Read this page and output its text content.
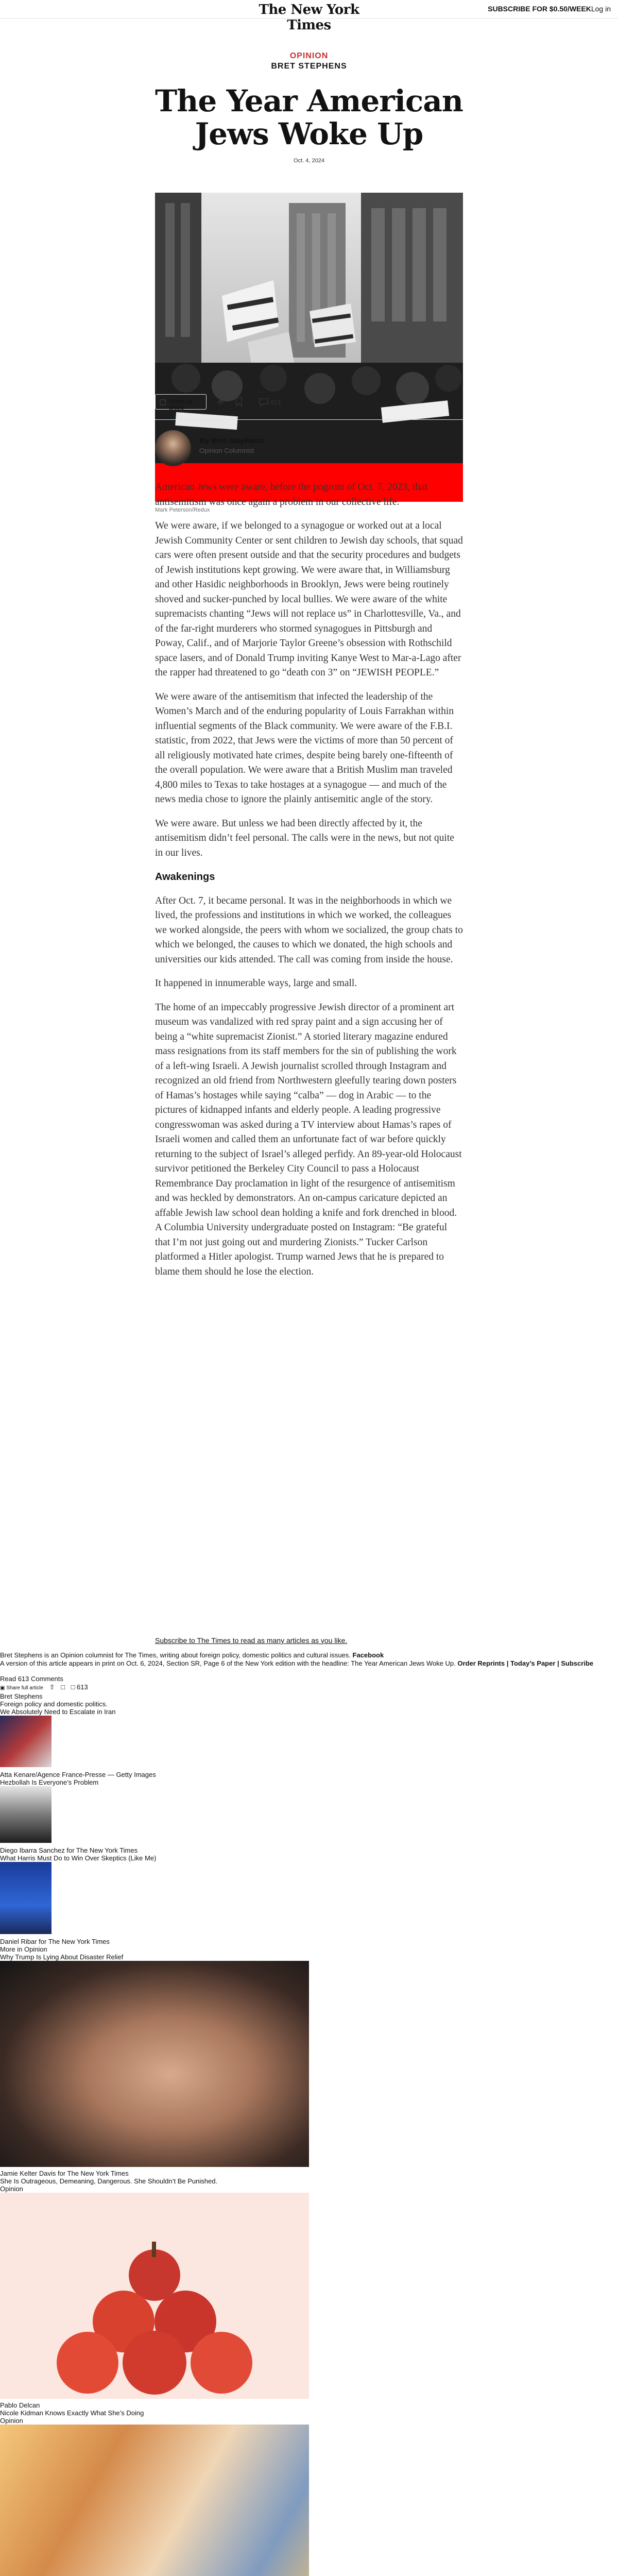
The New York Times
SUBSCRIBE FOR $0.50/WEEKLog in
OPINION
BRET STEPHENS
The Year American Jews Woke Up
Oct. 4, 2024
Mark Peterson/Redux
Share full article
613
By Bret Stephens
Opinion Columnist

American Jews were aware, before the pogrom of Oct. 7, 2023, that antisemitism was once again a problem in our collective life.

We were aware, if we belonged to a synagogue or worked out at a local Jewish Community Center or sent children to Jewish day schools, that squad cars were often present outside and that the security procedures and budgets of Jewish institutions kept growing. We were aware that, in Williamsburg and other Hasidic neighborhoods in Brooklyn, Jews were being routinely shoved and sucker-punched by local bullies. We were aware of the white supremacists chanting “Jews will not replace us” in Charlottesville, Va., and of the far-right murderers who stormed synagogues in Pittsburgh and Poway, Calif., and of Marjorie Taylor Greene’s obsession with Rothschild space lasers, and of Donald Trump inviting Kanye West to Mar-a-Lago after the rapper had threatened to go “death con 3” on “JEWISH PEOPLE.”

We were aware of the antisemitism that infected the leadership of the Women’s March and of the enduring popularity of Louis Farrakhan within influential segments of the Black community. We were aware of the F.B.I. statistic, from 2022, that Jews were the victims of more than 50 percent of all religiously motivated hate crimes, despite being barely one-fifteenth of the overall population. We were aware that a British Muslim man traveled 4,800 miles to Texas to take hostages at a synagogue — and much of the news media chose to ignore the plainly antisemitic angle of the story.

We were aware. But unless we had been directly affected by it, the antisemitism didn’t feel personal. The calls were in the news, but not quite in our lives.

Awakenings

After Oct. 7, it became personal. It was in the neighborhoods in which we lived, the professions and institutions in which we worked, the colleagues we worked alongside, the peers with whom we socialized, the group chats to which we belonged, the causes to which we donated, the high schools and universities our kids attended. The call was coming from inside the house.

It happened in innumerable ways, large and small.

The home of an impeccably progressive Jewish director of a prominent art museum was vandalized with red spray paint and a sign accusing her of being a “white supremacist Zionist.” A storied literary magazine endured mass resignations from its staff members for the sin of publishing the work of a left-wing Israeli. A Jewish journalist scrolled through Instagram and recognized an old friend from Northwestern gleefully tearing down posters of Hamas’s hostages while saying “calba” — dog in Arabic — to the pictures of kidnapped infants and elderly people. A leading progressive congresswoman was asked during a TV interview about Hamas’s rapes of Israeli women and called them an unfortunate fact of war before quickly returning to the subject of Israel’s alleged perfidy. An 89-year-old Holocaust survivor petitioned the Berkeley City Council to pass a Holocaust Remembrance Day proclamation in light of the resurgence of antisemitism and was heckled by demonstrators. An on-campus caricature depicted an affable Jewish law school dean holding a knife and fork drenched in blood. A Columbia University undergraduate posted on Instagram: “Be grateful that I’m not just going out and murdering Zionists.” Tucker Carlson platformed a Hitler apologist. Trump warned Jews that he is prepared to blame them should he lose the election.

Subscribe to The Times to read as many articles as you like.
Bret Stephens is an Opinion columnist for The Times, writing about foreign policy, domestic politics and cultural issues. Facebook
A version of this article appears in print on Oct. 6, 2024, Section SR, Page 6 of the New York edition with the headline: The Year American Jews Woke Up. Order Reprints | Today’s Paper | Subscribe
Read 613 Comments
▣ Share full article ⇧ □ □ 613
Bret Stephens
Foreign policy and domestic politics.
We Absolutely Need to Escalate in Iran
Atta Kenare/Agence France-Presse — Getty Images
Hezbollah Is Everyone’s Problem
Diego Ibarra Sanchez for The New York Times
What Harris Must Do to Win Over Skeptics (Like Me)
Daniel Ribar for The New York Times
More in Opinion
Why Trump Is Lying About Disaster Relief
Jamie Kelter Davis for The New York Times
She Is Outrageous, Demeaning, Dangerous. She Shouldn’t Be Punished.
Opinion
Pablo Delcan
Nicole Kidman Knows Exactly What She’s Doing
Opinion
